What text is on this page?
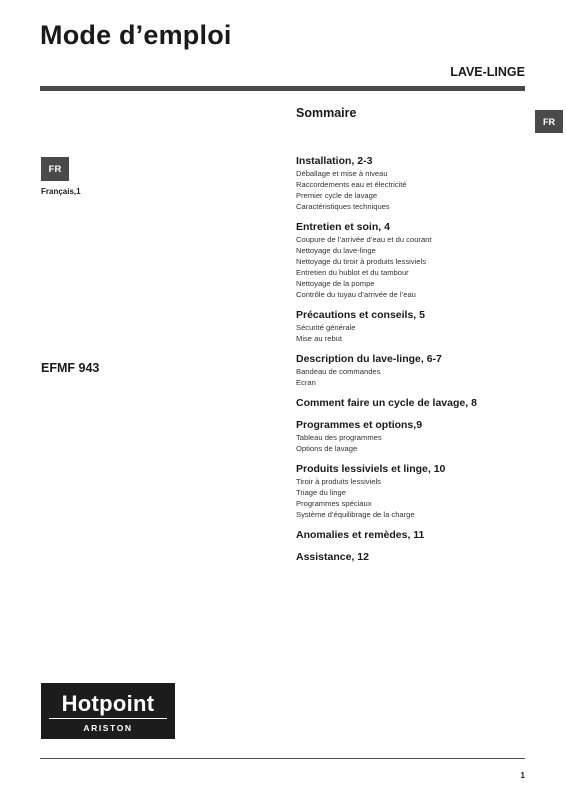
Mode d’emploi
LAVE-LINGE
FR
FR
Français,1
EFMF 943
Sommaire
Installation, 2-3
Déballage et mise à niveau
Raccordements eau et électricité
Premier cycle de lavage
Caractéristiques techniques
Entretien et soin, 4
Coupure de l’arrivée d’eau et du courant
Nettoyage du lave-linge
Nettoyage du tiroir à produits lessiviels
Entretien du hublot et du tambour
Nettoyage de la pompe
Contrôle du tuyau d’arrivée de l’eau
Précautions et conseils, 5
Sécurité générale
Mise au rebut
Description du lave-linge, 6-7
Bandeau de commandes
Ecran
Comment faire un cycle de lavage, 8
Programmes et options,9
Tableau des programmes
Options de lavage
Produits lessiviels et linge, 10
Tiroir à produits lessiviels
Triage du linge
Programmes spéciaux
Système d’équilibrage de la charge
Anomalies et remèdes, 11
Assistance, 12
Hotpoint
ARISTON
1
